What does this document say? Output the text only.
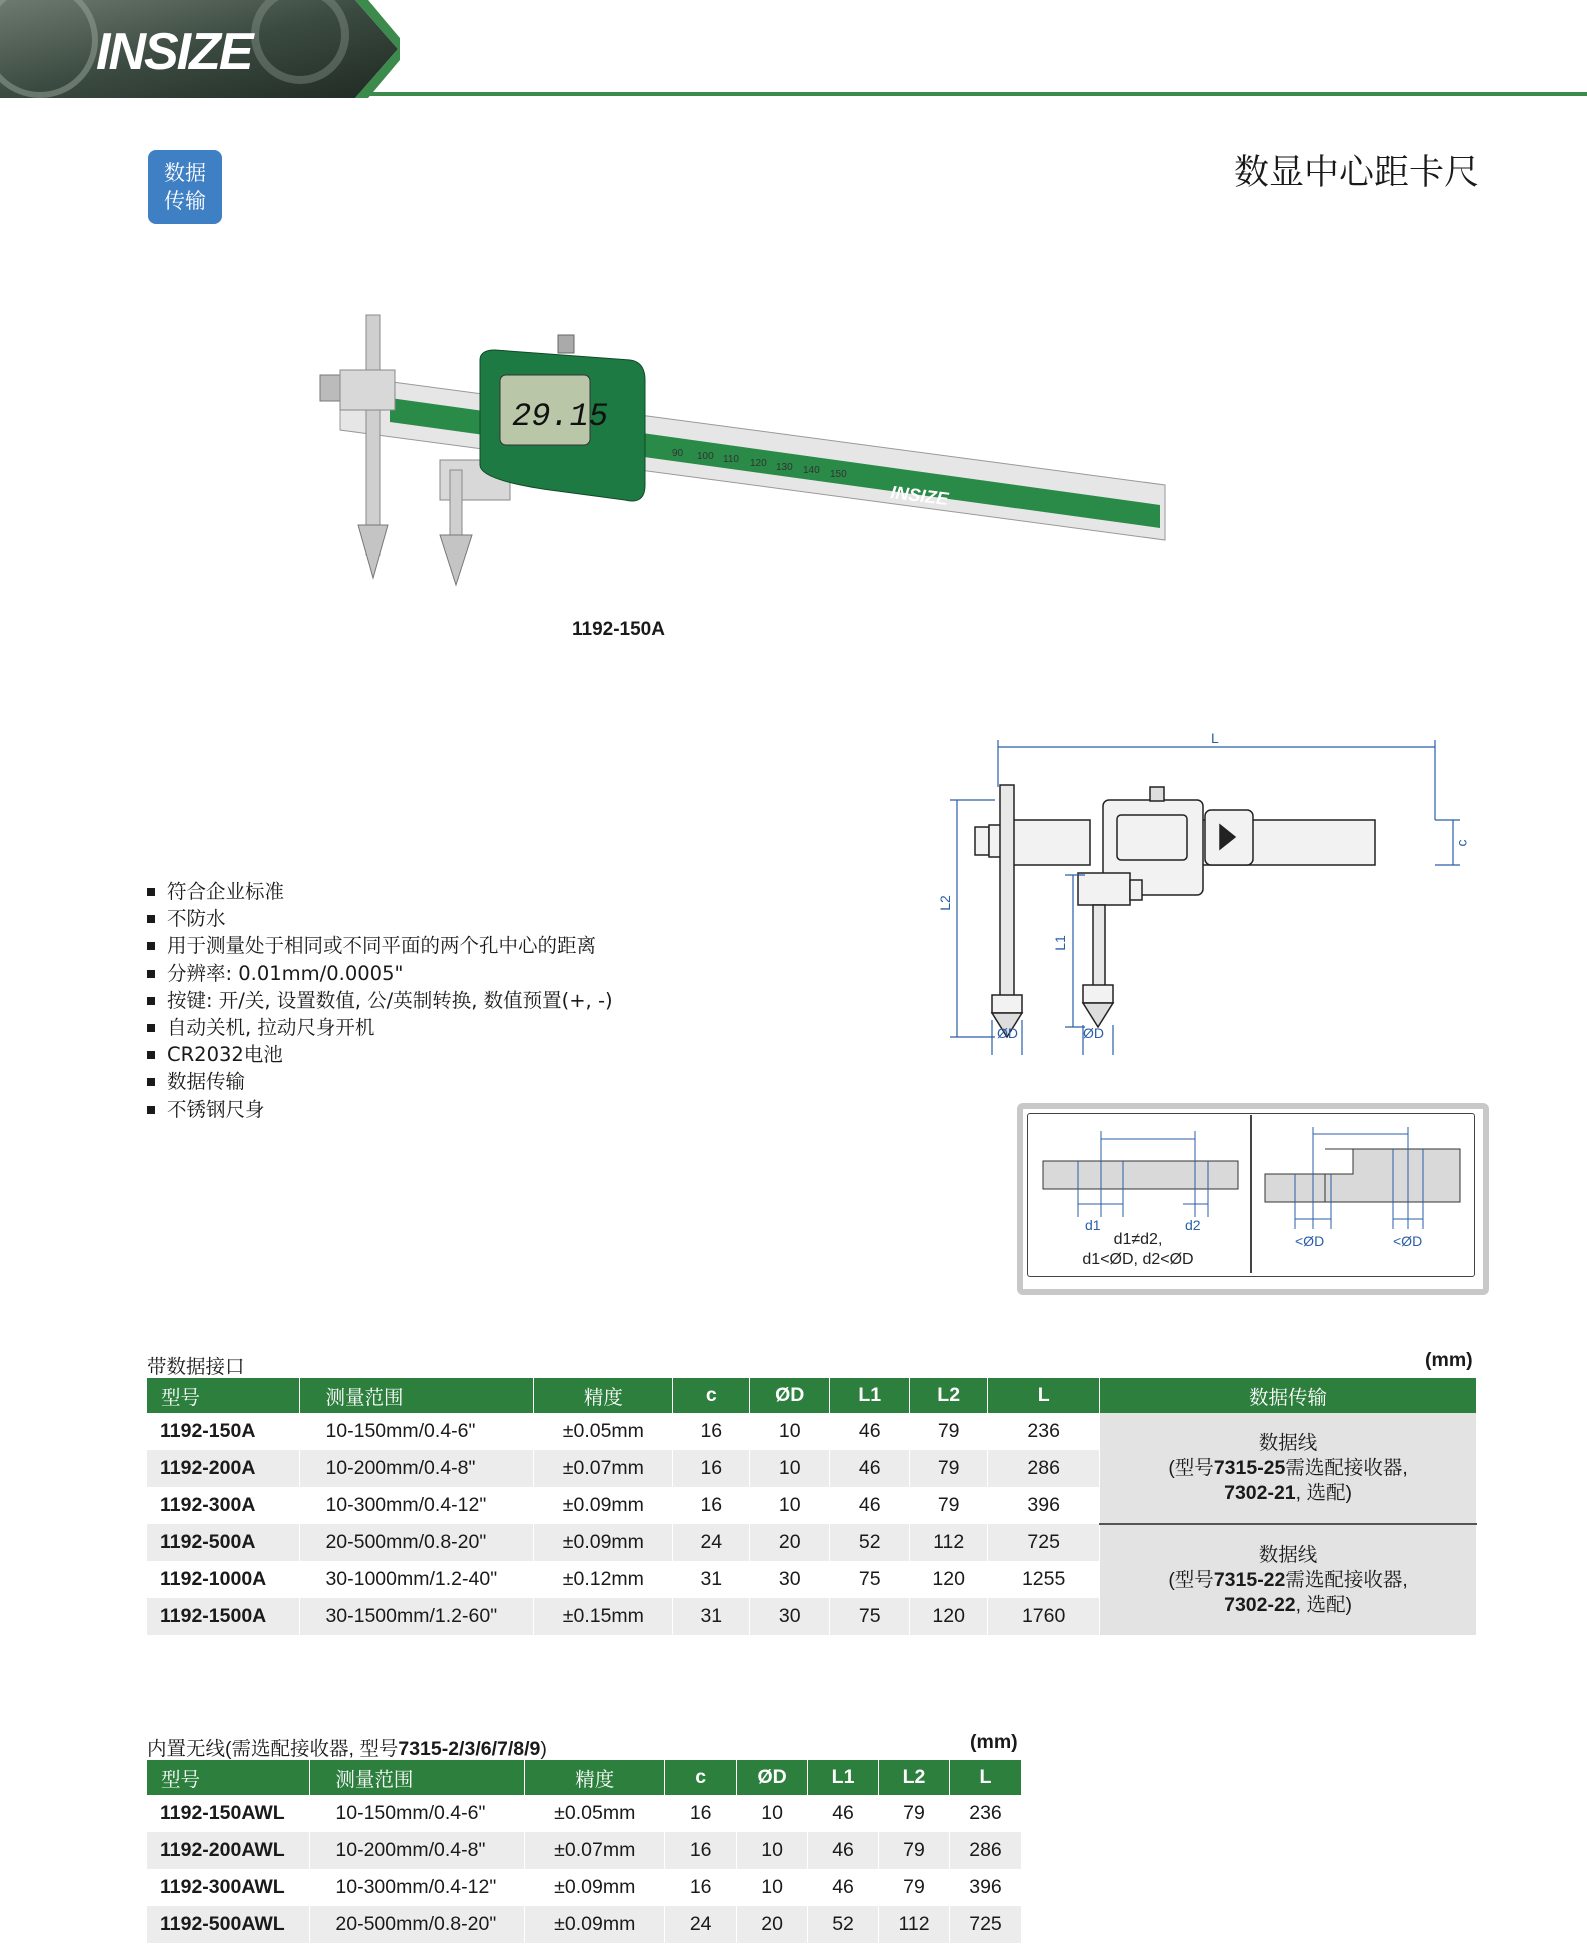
INSIZE
数据
传输
数显中心距卡尺
29.15
90 100 110 120 130 140 150
INSIZE
1192-150A
符合企业标准
不防水
用于测量处于相同或不同平面的两个孔中心的距离
分辨率: 0.01mm/0.0005"
按键: 开/关, 设置数值, 公/英制转换, 数值预置(+, -)
自动关机, 拉动尺身开机
CR2032电池
数据传输
不锈钢尺身
L
c
L2
L1
ØD	ØD
d1	d2
d1≠d2,
d1<ØD, d2<ØD
<ØD	<ØD
带数据接口	(mm)
型号	测量范围	精度	c	ØD	L1	L2	L	数据传输
1192-150A	10-150mm/0.4-6"	±0.05mm	16	10	46	79	236	数据线
(型号7315-25需选配接收器,
7302-21, 选配)

1192-200A	10-200mm/0.4-8"	±0.07mm	16	10	46	79	286	
1192-300A	10-300mm/0.4-12"	±0.09mm	16	10	46	79	396	
1192-500A	20-500mm/0.8-20"	±0.09mm	24	20	52	112	725	数据线
(型号7315-22需选配接收器,
7302-22, 选配)

1192-1000A	30-1000mm/1.2-40"	±0.12mm	31	30	75	120	1255	
1192-1500A	30-1500mm/1.2-60"	±0.15mm	31	30	75	120	1760	
内置无线(需选配接收器, 型号7315-2/3/6/7/8/9)	(mm)
型号	测量范围	精度	c	ØD	L1	L2	L
1192-150AWL	10-150mm/0.4-6"	±0.05mm	16	10	46	79	236
1192-200AWL	10-200mm/0.4-8"	±0.07mm	16	10	46	79	286
1192-300AWL	10-300mm/0.4-12"	±0.09mm	16	10	46	79	396
1192-500AWL	20-500mm/0.8-20"	±0.09mm	24	20	52	112	725
